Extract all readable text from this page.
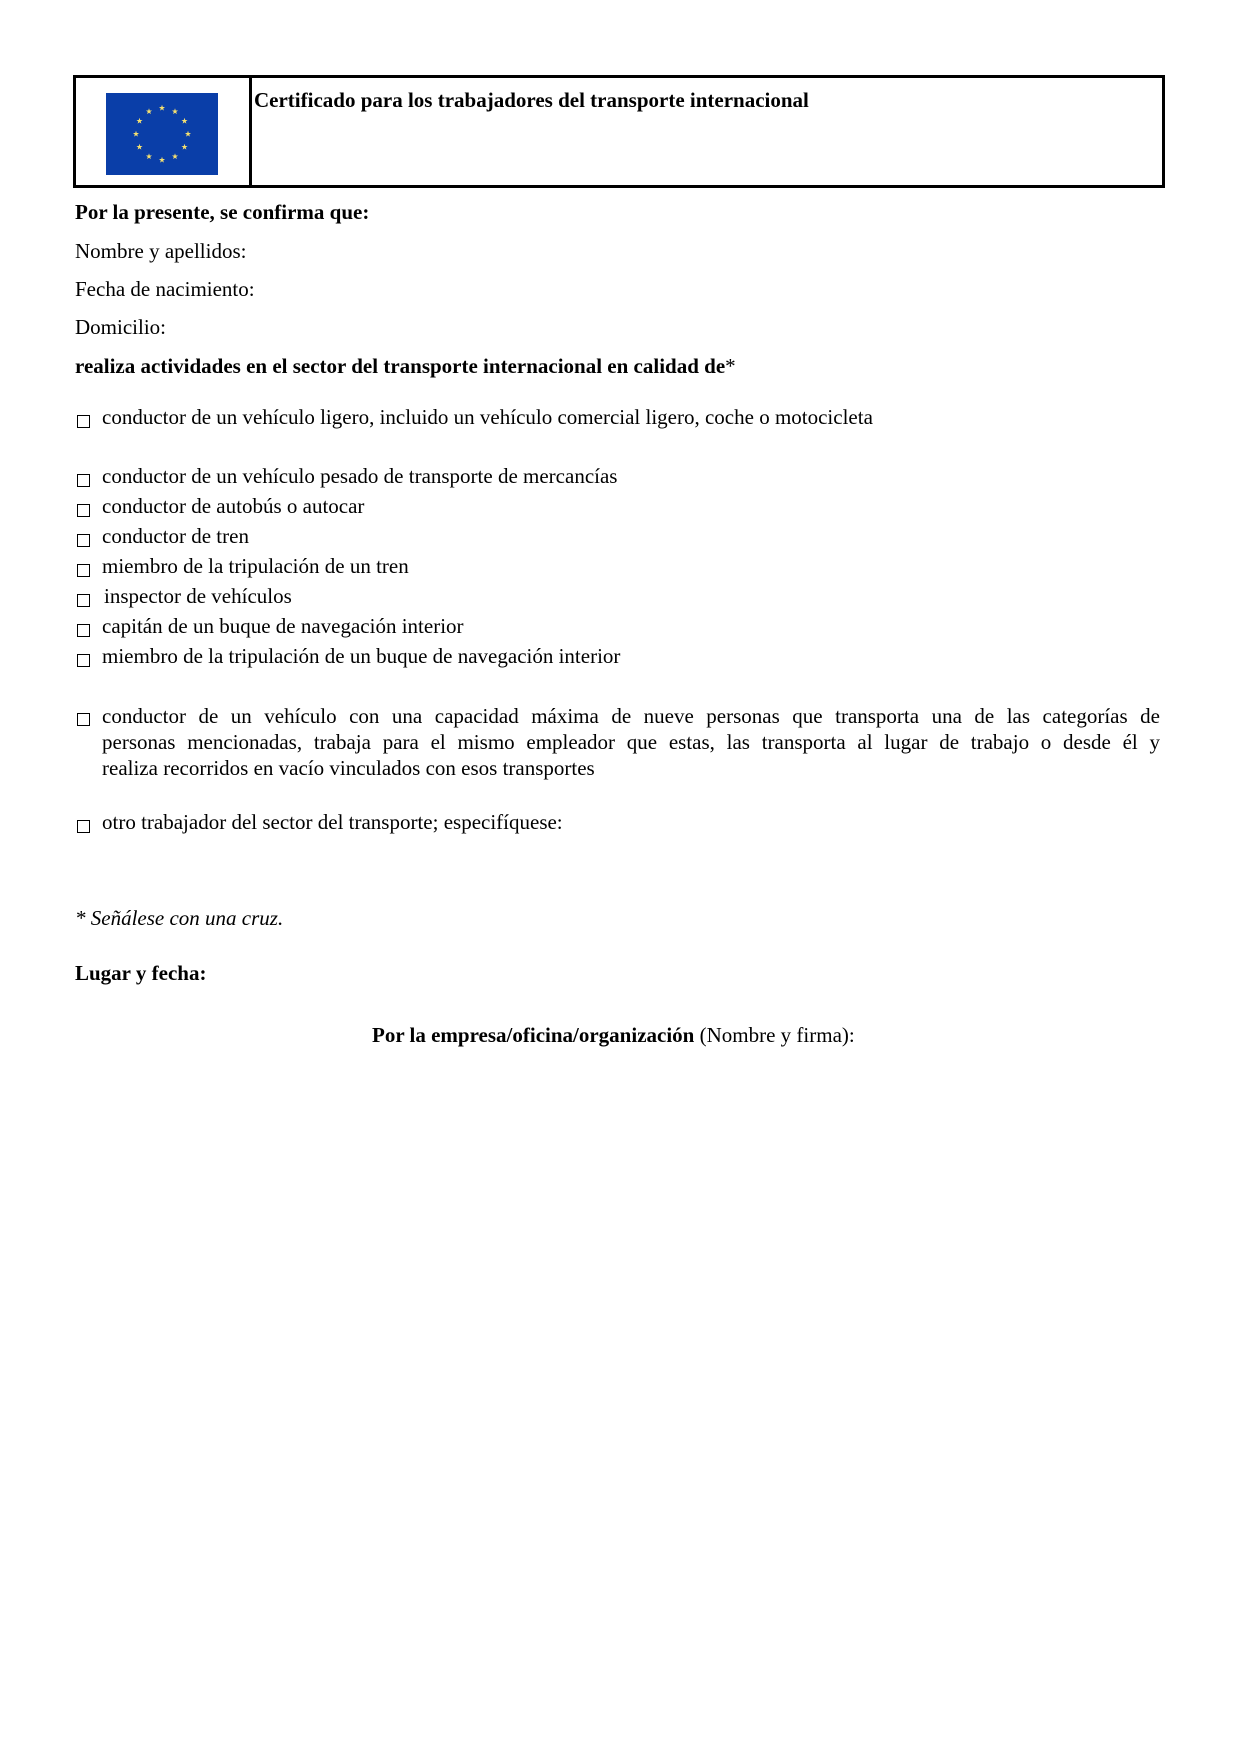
Certificado para los trabajadores del transporte internacional
Por la presente, se confirma que:
Nombre y apellidos:
Fecha de nacimiento:
Domicilio:
realiza actividades en el sector del transporte internacional en calidad de*
conductor de un vehículo ligero, incluido un vehículo comercial ligero, coche o motocicleta
conductor de un vehículo pesado de transporte de mercancías
conductor de autobús o autocar
conductor de tren
miembro de la tripulación de un tren
inspector de vehículos
capitán de un buque de navegación interior
miembro de la tripulación de un buque de navegación interior
conductor de un vehículo con una capacidad máxima de nueve personas que transporta una de las categorías de
personas mencionadas, trabaja para el mismo empleador que estas, las transporta al lugar de trabajo o desde él y
realiza recorridos en vacío vinculados con esos transportes
otro trabajador del sector del transporte; especifíquese:
* Señálese con una cruz.
Lugar y fecha:
Por la empresa/oficina/organización (Nombre y firma):
